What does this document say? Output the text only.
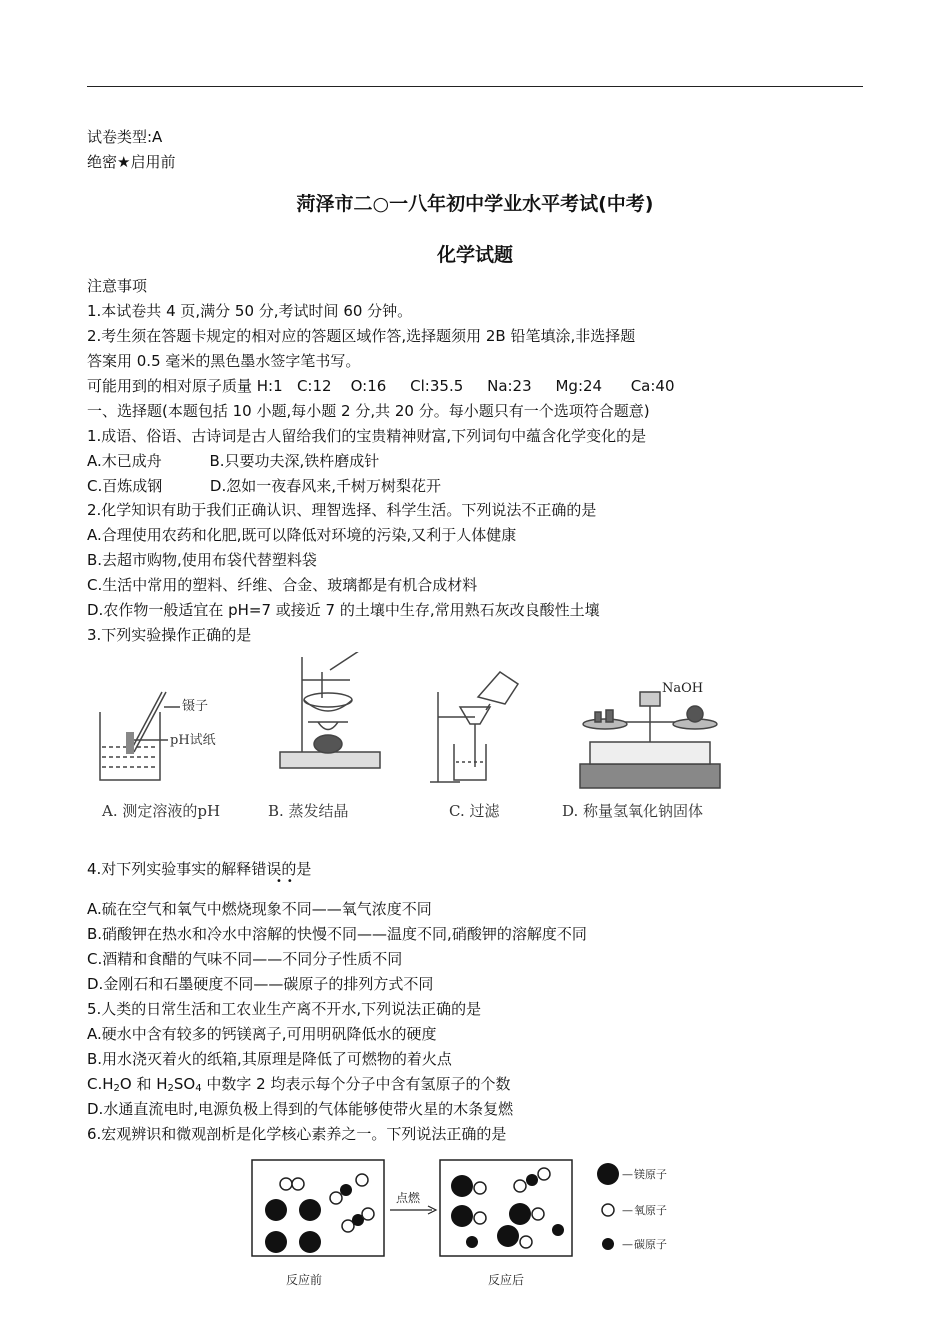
试卷类型:A
绝密★启用前
菏泽市二○一八年初中学业水平考试(中考)
化学试题
注意事项
1.本试卷共 4 页,满分 50 分,考试时间 60 分钟。
2.考生须在答题卡规定的相对应的答题区域作答,选择题须用 2B 铅笔填涂,非选择题
答案用 0.5 毫米的黑色墨水签字笔书写。
可能用到的相对原子质量 H:1   C:12    O:16     Cl:35.5     Na:23     Mg:24      Ca:40
一、选择题(本题包括 10 小题,每小题 2 分,共 20 分。每小题只有一个选项符合题意)
1.成语、俗语、古诗词是古人留给我们的宝贵精神财富,下列词句中蕴含化学变化的是
A.木已成舟          B.只要功夫深,铁杵磨成针
C.百炼成钢          D.忽如一夜春风来,千树万树梨花开
2.化学知识有助于我们正确认识、理智选择、科学生活。下列说法不正确的是
A.合理使用农药和化肥,既可以降低对环境的污染,又利于人体健康
B.去超市购物,使用布袋代替塑料袋
C.生活中常用的塑料、纤维、合金、玻璃都是有机合成材料
D.农作物一般适宜在 pH=7 或接近 7 的土壤中生存,常用熟石灰改良酸性土壤
3.下列实验操作正确的是
镊子
pH试纸
NaOH
A. 测定溶液的pH	B. 蒸发结晶	C. 过滤	D. 称量氢氧化钠固体
4.对下列实验事实的解释错误的是
••
A.硫在空气和氧气中燃烧现象不同——氧气浓度不同
B.硝酸钾在热水和冷水中溶解的快慢不同——温度不同,硝酸钾的溶解度不同
C.酒精和食醋的气味不同——不同分子性质不同
D.金刚石和石墨硬度不同——碳原子的排列方式不同
5.人类的日常生活和工农业生产离不开水,下列说法正确的是
A.硬水中含有较多的钙镁离子,可用明矾降低水的硬度
B.用水浇灭着火的纸箱,其原理是降低了可燃物的着火点
C.H2O 和 H2SO4 中数字 2 均表示每个分子中含有氢原子的个数
D.水通直流电时,电源负极上得到的气体能够使带火星的木条复燃
6.宏观辨识和微观剖析是化学核心素养之一。下列说法正确的是
点燃
— 镁原子
— 氧原子
— 碳原子
反应前	反应后
